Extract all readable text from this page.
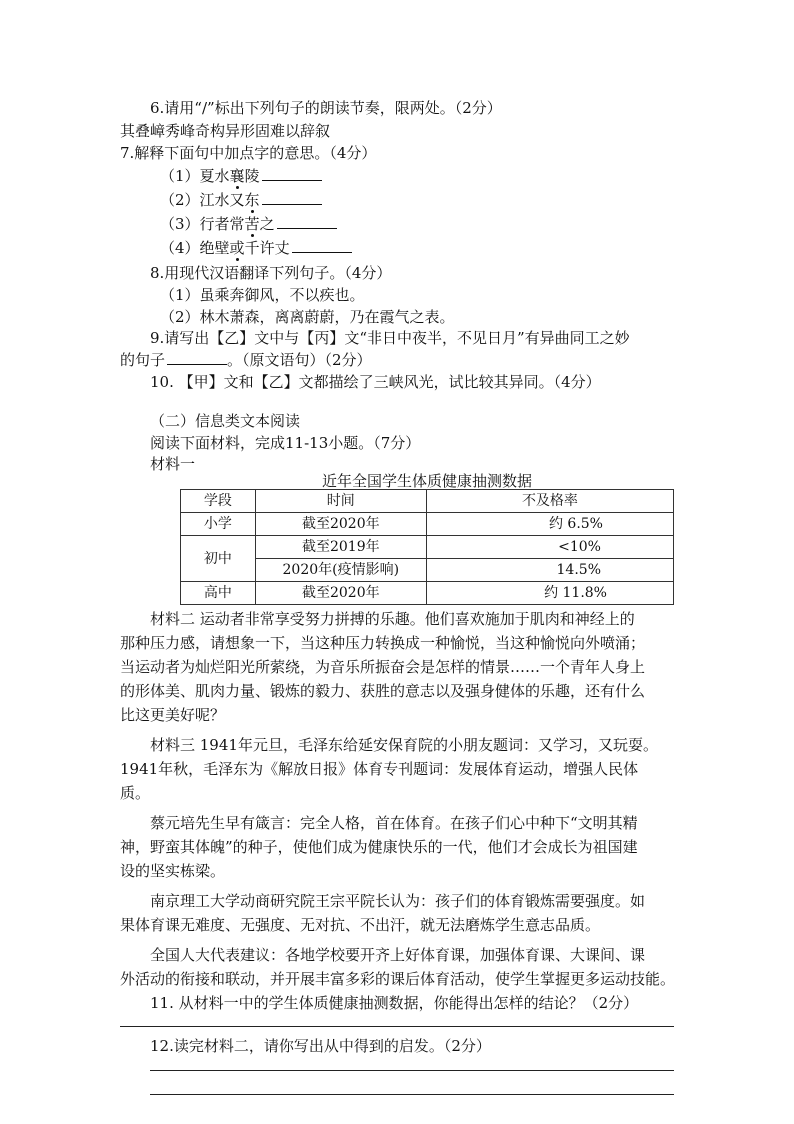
6.请用“/”标出下列句子的朗读节奏，限两处。（2分）
其叠嶂秀峰奇构异形固难以辞叙
7.解释下面句中加点字的意思。（4分）
（1）夏水襄陵
（2）江水又东
（3）行者常苦之
（4）绝壁或千许丈
8.用现代汉语翻译下列句子。（4分）
（1）虽乘奔御风，不以疾也。
（2）林木萧森，离离蔚蔚，乃在霞气之表。
9.请写出【乙】文中与【丙】文“非日中夜半，不见日月”有异曲同工之妙
的句子	。（原文语句）（2分）
10. 【甲】文和【乙】文都描绘了三峡风光，试比较其异同。（4分）
（二）信息类文本阅读
阅读下面材料，完成11-13小题。（7分）
材料一
近年全国学生体质健康抽测数据
学段	时间	不及格率
小学	截至2020年	约 6.5%
初中	截至2019年	<10%
	2020年(疫情影响)	14.5%
高中	截至2020年	约 11.8%
材料二 运动者非常享受努力拼搏的乐趣。他们喜欢施加于肌肉和神经上的
那种压力感，请想象一下，当这种压力转换成一种愉悦，当这种愉悦向外喷涌；
当运动者为灿烂阳光所萦绕，为音乐所振奋会是怎样的情景……一个青年人身上
的形体美、肌肉力量、锻炼的毅力、获胜的意志以及强身健体的乐趣，还有什么
比这更美好呢？
材料三 1941年元旦，毛泽东给延安保育院的小朋友题词：又学习，又玩耍。
1941年秋，毛泽东为《解放日报》体育专刊题词：发展体育运动，增强人民体
质。
蔡元培先生早有箴言：完全人格，首在体育。在孩子们心中种下“文明其精
神，野蛮其体魄”的种子，使他们成为健康快乐的一代，他们才会成长为祖国建
设的坚实栋梁。
南京理工大学动商研究院王宗平院长认为：孩子们的体育锻炼需要强度。如
果体育课无难度、无强度、无对抗、不出汗，就无法磨炼学生意志品质。
全国人大代表建议：各地学校要开齐上好体育课，加强体育课、大课间、课
外活动的衔接和联动，并开展丰富多彩的课后体育活动，使学生掌握更多运动技能。
11. 从材料一中的学生体质健康抽测数据，你能得出怎样的结论？（2分）
12.读完材料二，请你写出从中得到的启发。（2分）
